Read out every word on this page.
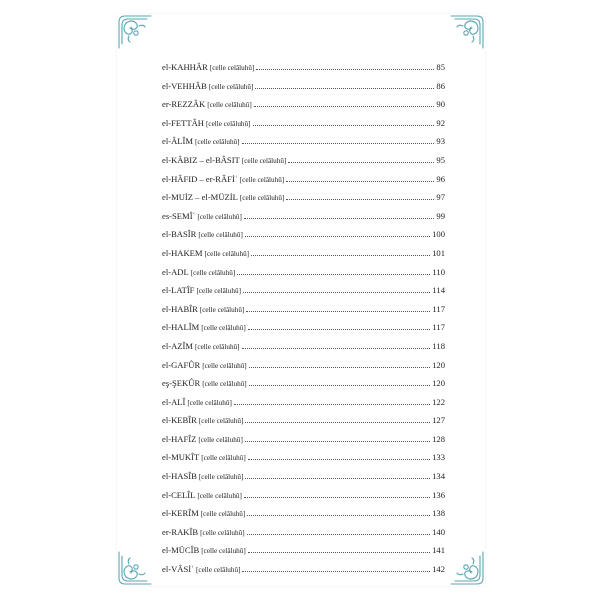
el-KAHHÂR [celle celâluhû]	85
el-VEHHÂB [celle celâluhû]	86
er-REZZÂK [celle celâluhû]	90
el-FETTÂH [celle celâluhû]	92
el-ÂLÎM [celle celâluhû]	93
el-KÂBIZ – el-BÂSIT [celle celâluhû]	95
el-HÂFID – er-RÂFİʿ [celle celâluhû]	96
el-MUİZ – el-MÜZİL [celle celâluhû]	97
es-SEMÎʿ [celle celâluhû]	99
el-BASÎR [celle celâluhû]	100
el-HAKEM [celle celâluhû]	101
el-ADL [celle celâluhû]	110
el-LATÎF [celle celâluhû]	114
el-HABÎR [celle celâluhû]	117
el-HALÎM [celle celâluhû]	117
el-AZÎM [celle celâluhû]	118
el-GAFÛR [celle celâluhû]	120
eş-ŞEKÛR [celle celâluhû]	120
el-ALÎ [celle celâluhû]	122
el-KEBÎR [celle celâluhû]	127
el-HAFÎZ [celle celâluhû]	128
el-MUKÎT [celle celâluhû]	133
el-HASÎB [celle celâluhû]	134
el-CELÎL [celle celâluhû]	136
el-KERÎM [celle celâluhû]	138
er-RAKÎB [celle celâluhû]	140
el-MÜCÎB [celle celâluhû]	141
el-VÂSİʿ [celle celâluhû]	142
